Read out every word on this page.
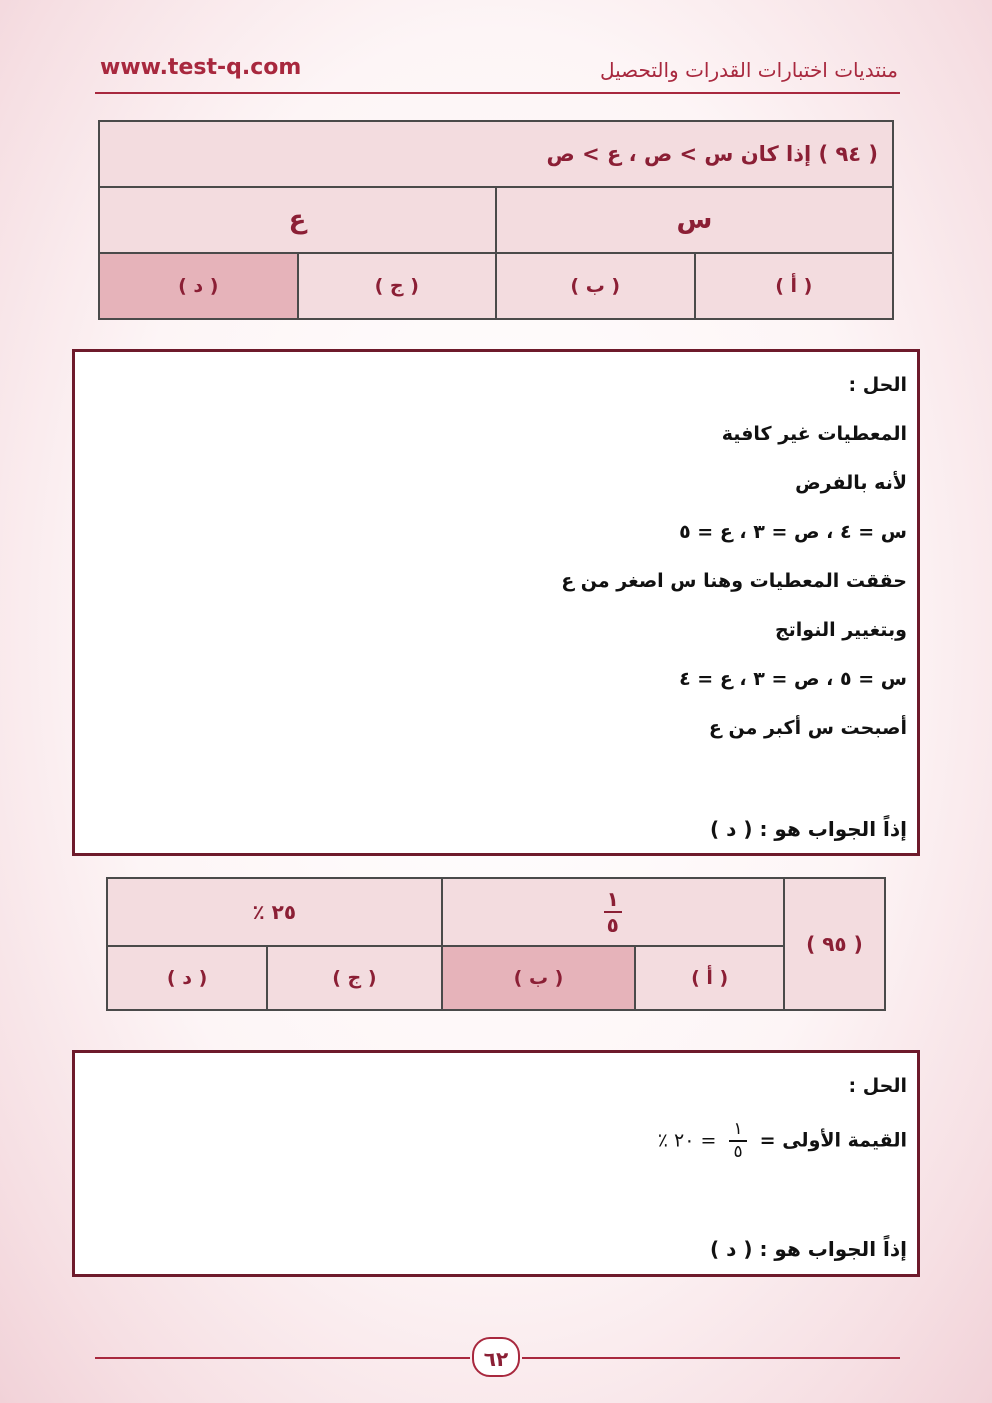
www.test-q.com	منتديات اختبارات القدرات والتحصيل
( ٩٤ ) إذا كان س > ص ، ع > ص			
س		ع	
( أ )	( ب )	( ج )	( د )
الحل :
المعطيات غير كافية
لأنه بالفرض
س = ٤ ، ص = ٣ ، ع = ٥
حققت المعطيات وهنا س اصغر من ع
وبتغيير النواتج
س = ٥ ، ص = ٣ ، ع = ٤
أصبحت س أكبر من ع
إذاً الجواب هو : ( د )
( ٩٥ )	$\frac{١}{٥}$		٢٥ ٪	
	( أ )	( ب )	( ج )	( د )
الحل :
القيمة الأولى =
$\frac{١}{٥}$
= ٢٠ ٪
إذاً الجواب هو : ( د )
٦٢
